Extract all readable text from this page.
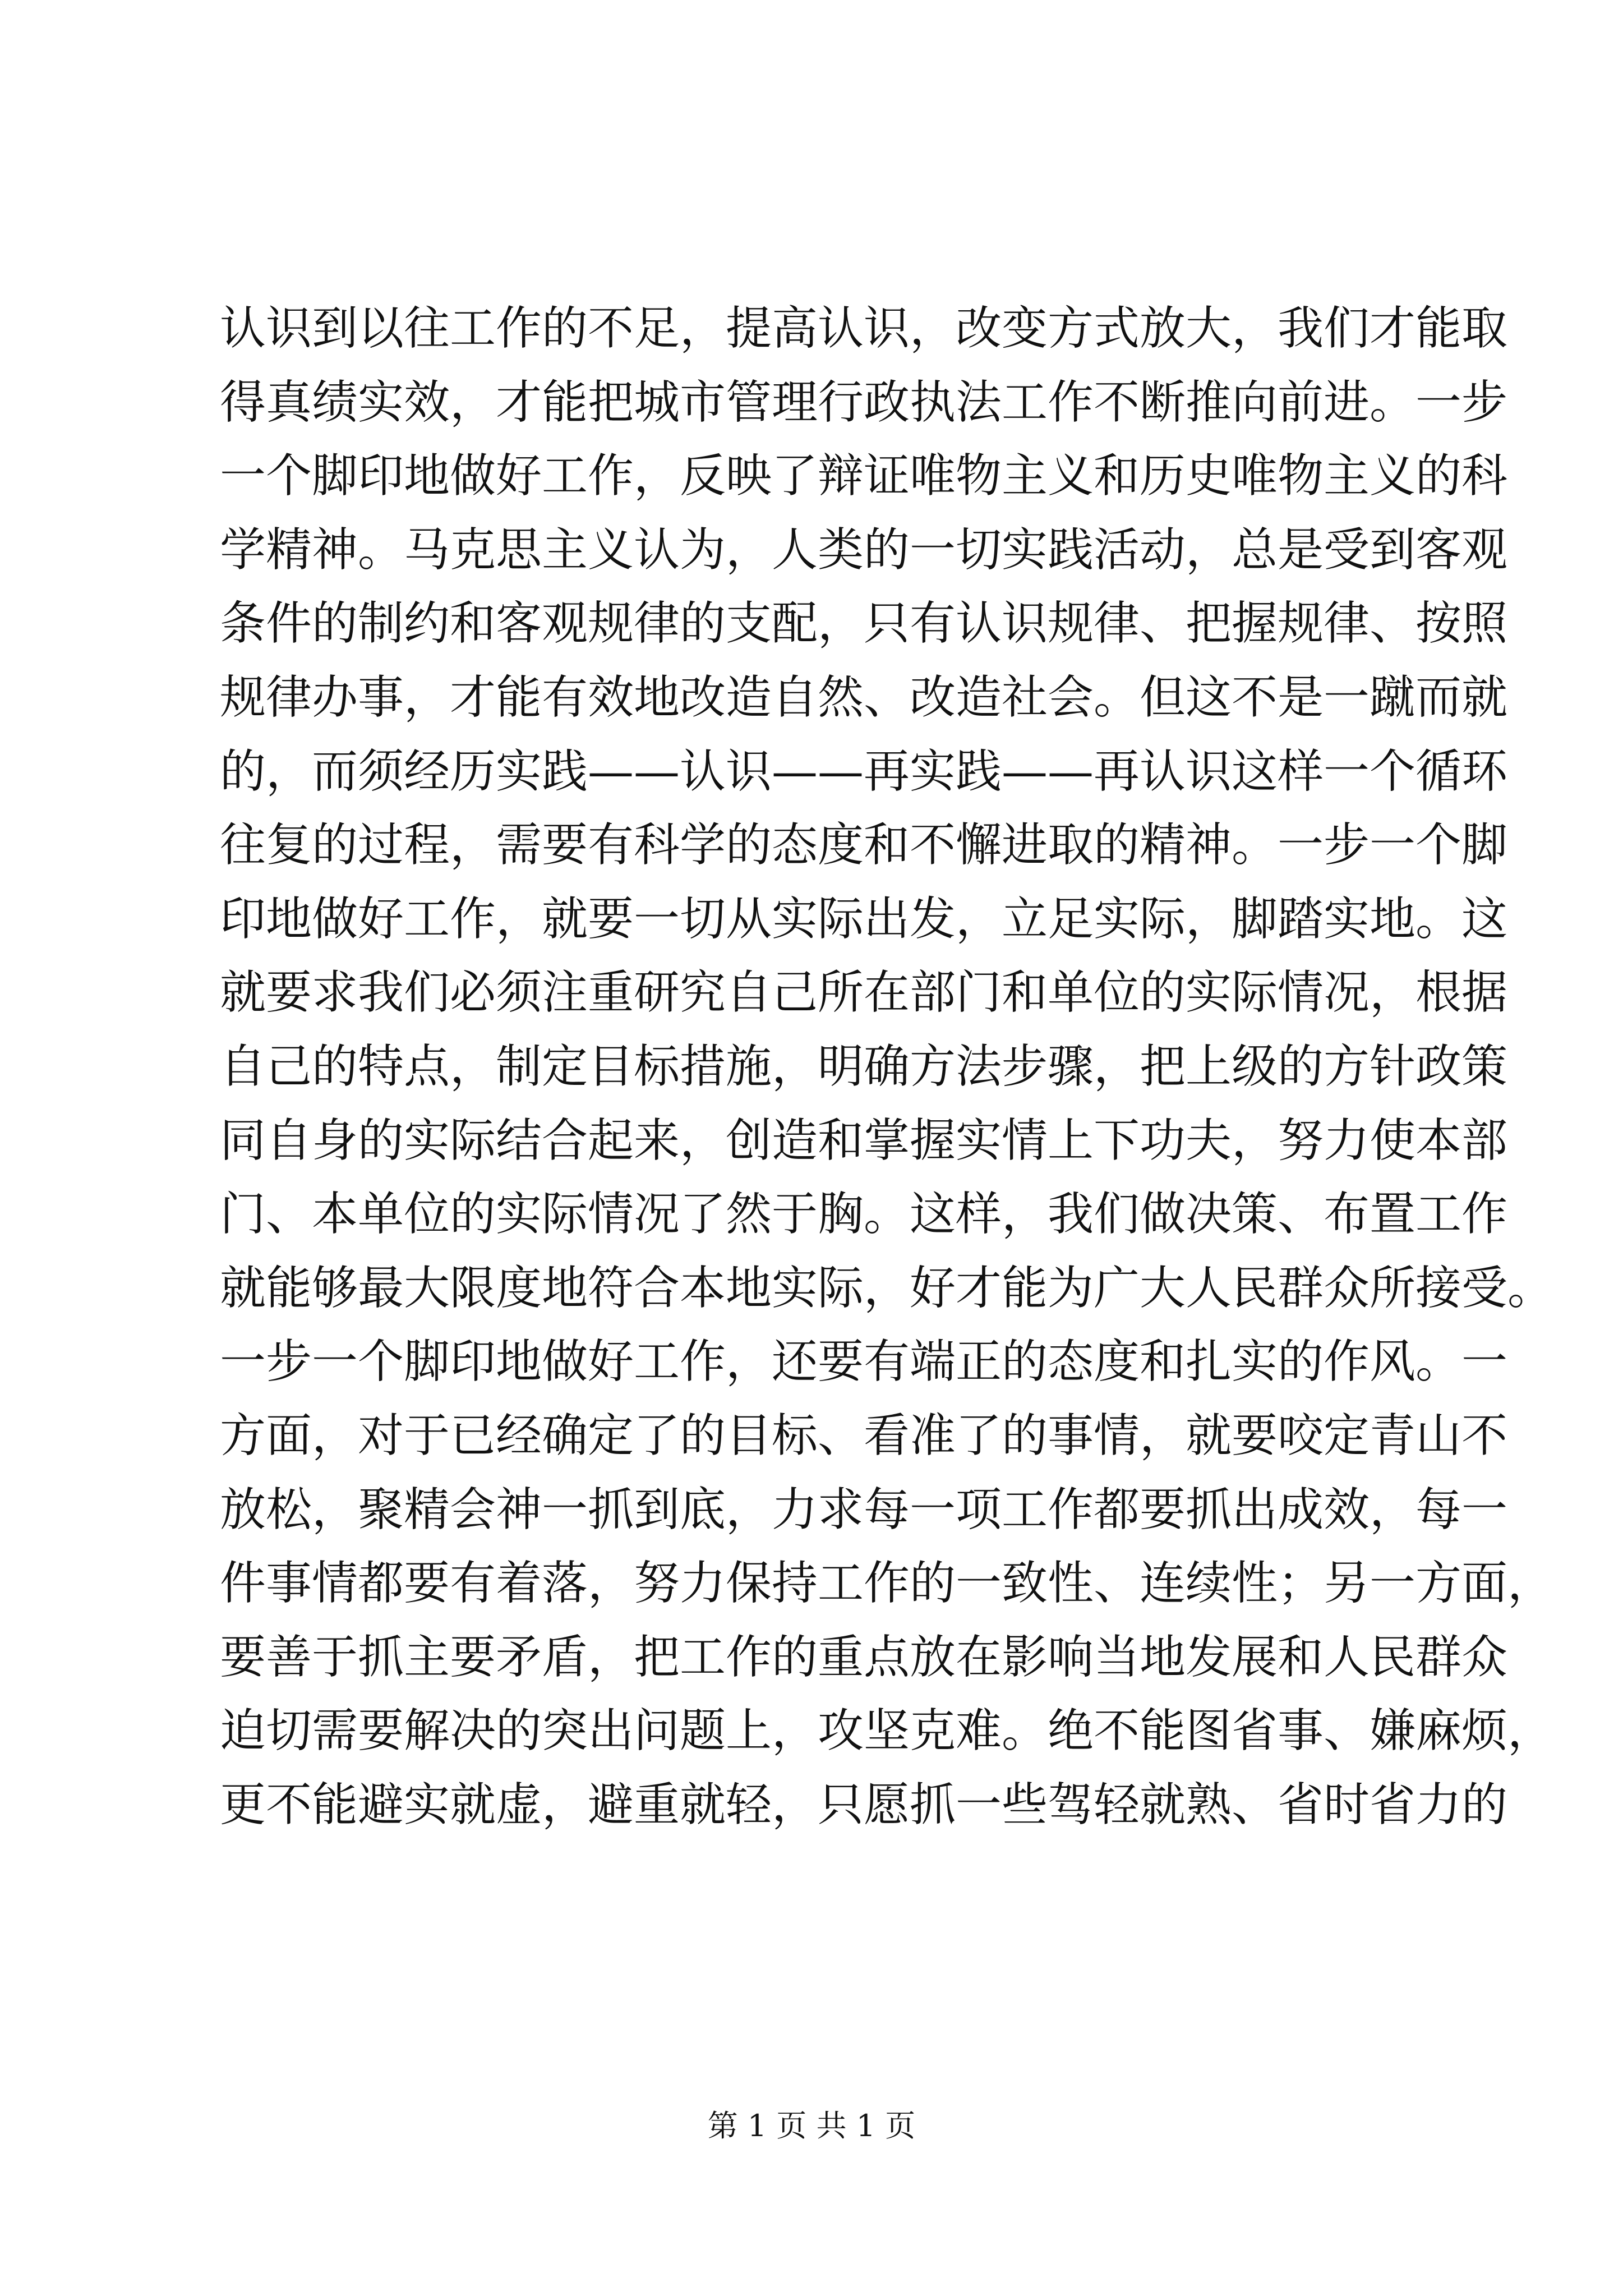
认识到以往工作的不足，提高认识，改变方式放大，我们才能取
得真绩实效，才能把城市管理行政执法工作不断推向前进。一步
一个脚印地做好工作，反映了辩证唯物主义和历史唯物主义的科
学精神。马克思主义认为，人类的一切实践活动，总是受到客观
条件的制约和客观规律的支配，只有认识规律、把握规律、按照
规律办事，才能有效地改造自然、改造社会。但这不是一蹴而就
的，而须经历实践——认识——再实践——再认识这样一个循环
往复的过程，需要有科学的态度和不懈进取的精神。一步一个脚
印地做好工作，就要一切从实际出发，立足实际，脚踏实地。这
就要求我们必须注重研究自己所在部门和单位的实际情况，根据
自己的特点，制定目标措施，明确方法步骤，把上级的方针政策
同自身的实际结合起来，创造和掌握实情上下功夫，努力使本部
门、本单位的实际情况了然于胸。这样，我们做决策、布置工作
就能够最大限度地符合本地实际，好才能为广大人民群众所接受。
一步一个脚印地做好工作，还要有端正的态度和扎实的作风。一
方面，对于已经确定了的目标、看准了的事情，就要咬定青山不
放松，聚精会神一抓到底，力求每一项工作都要抓出成效，每一
件事情都要有着落，努力保持工作的一致性、连续性；另一方面，
要善于抓主要矛盾，把工作的重点放在影响当地发展和人民群众
迫切需要解决的突出问题上，攻坚克难。绝不能图省事、嫌麻烦，
更不能避实就虚，避重就轻，只愿抓一些驾轻就熟、省时省力的
第 1 页 共 1 页
